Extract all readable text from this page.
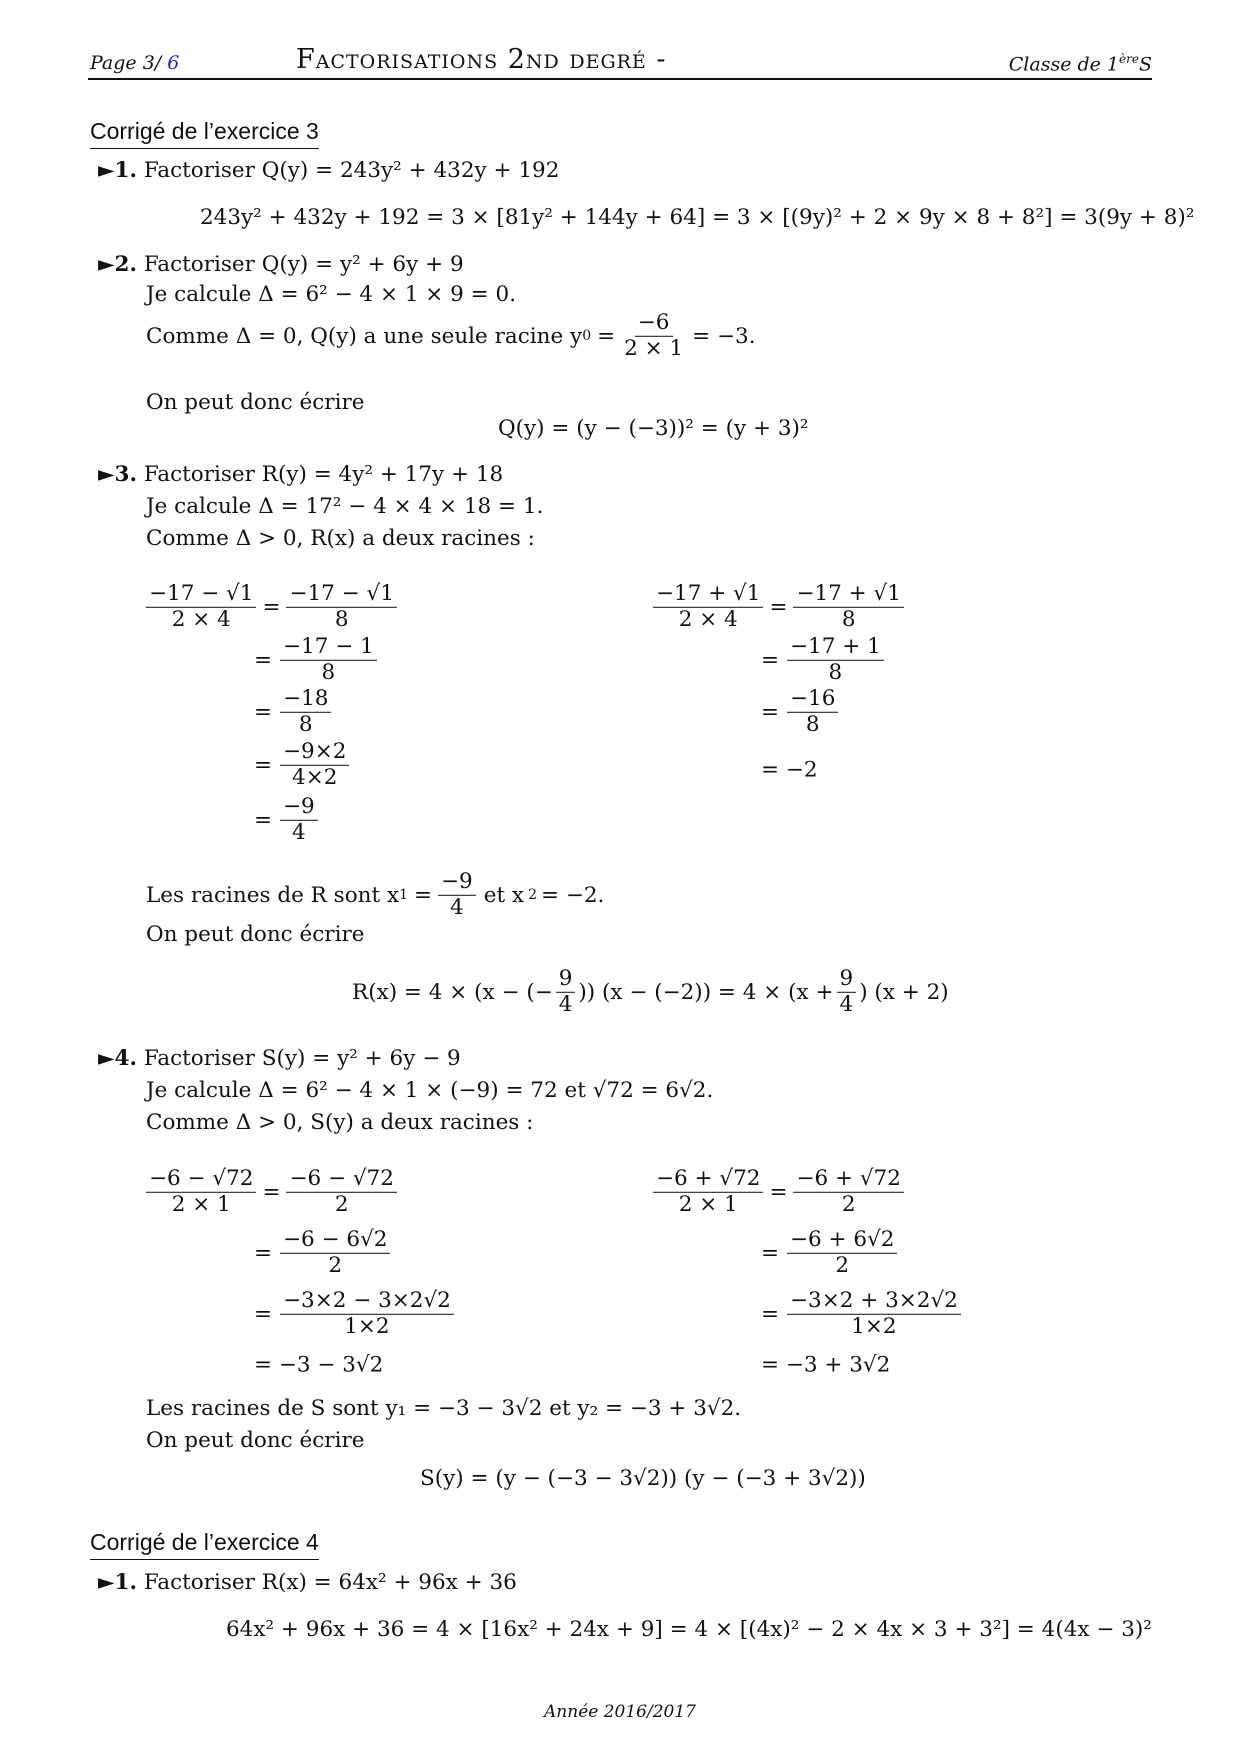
Page 3/ 6	Factorisations 2nd degré -	Classe de 1èreS
Corrigé de l’exercice 3
►1. Factoriser Q(y) = 243y² + 432y + 192
243y² + 432y + 192 = 3 × [81y² + 144y + 64] = 3 × [(9y)² + 2 × 9y × 8 + 8²] = 3(9y + 8)²
►2. Factoriser Q(y) = y² + 6y + 9
Je calcule Δ = 6² − 4 × 1 × 9 = 0.
Comme Δ = 0, Q(y) a une seule racine y $0 = \frac{-6}{2 \times 1} = -3$.
On peut donc écrire
Q(y) = (y − (−3))² = (y + 3)²
►3. Factoriser R(y) = 4y² + 17y + 18
Je calcule Δ = 17² − 4 × 4 × 18 = 1.
Comme Δ > 0, R(x) a deux racines :
$\frac{-17 - √1}{2 \times 4} = \frac{-17 - √1}{8}$
= $\frac{-17 - 1}{8}$
= $\frac{-18}{8}$
= $\frac{-9\times 2}{4\times 2}$
= $\frac{-9}{4}$
$\frac{-17 + √1}{2 \times 4} = \frac{-17 + √1}{8}$
= $\frac{-17 + 1}{8}$
= $\frac{-16}{8}$
= −2
Les racines de R sont x $1 = \frac{-9}{4}$ et x 2 = −2.
On peut donc écrire
R(x) = 4 × (x − (− $\frac{9}{4}$ )) $(x - (-2)) = 4 \times (x + \frac{9}{4}$ ) (x + 2)
►4. Factoriser S(y) = y² + 6y − 9
Je calcule Δ = 6² − 4 × 1 × (−9) = 72 et √72 = 6√2.
Comme Δ > 0, S(y) a deux racines :
$\frac{-6 - √72}{2 \times 1} = \frac{-6 - √72}{2}$
= $\frac{-6 - 6√2}{2}$
= $\frac{-3\times 2 - 3\times 2√2}{1\times 2}$
= −3 − 3√2
$\frac{-6 + √72}{2 \times 1} = \frac{-6 + √72}{2}$
= $\frac{-6 + 6√2}{2}$
= $\frac{-3\times 2 + 3\times 2√2}{1\times 2}$
= −3 + 3√2
Les racines de S sont y₁ = −3 − 3√2 et y₂ = −3 + 3√2.
On peut donc écrire
S(y) = (y − (−3 − 3√2)) (y − (−3 + 3√2))
Corrigé de l’exercice 4
►1. Factoriser R(x) = 64x² + 96x + 36
64x² + 96x + 36 = 4 × [16x² + 24x + 9] = 4 × [(4x)² − 2 × 4x × 3 + 3²] = 4(4x − 3)²
Année 2016/2017
